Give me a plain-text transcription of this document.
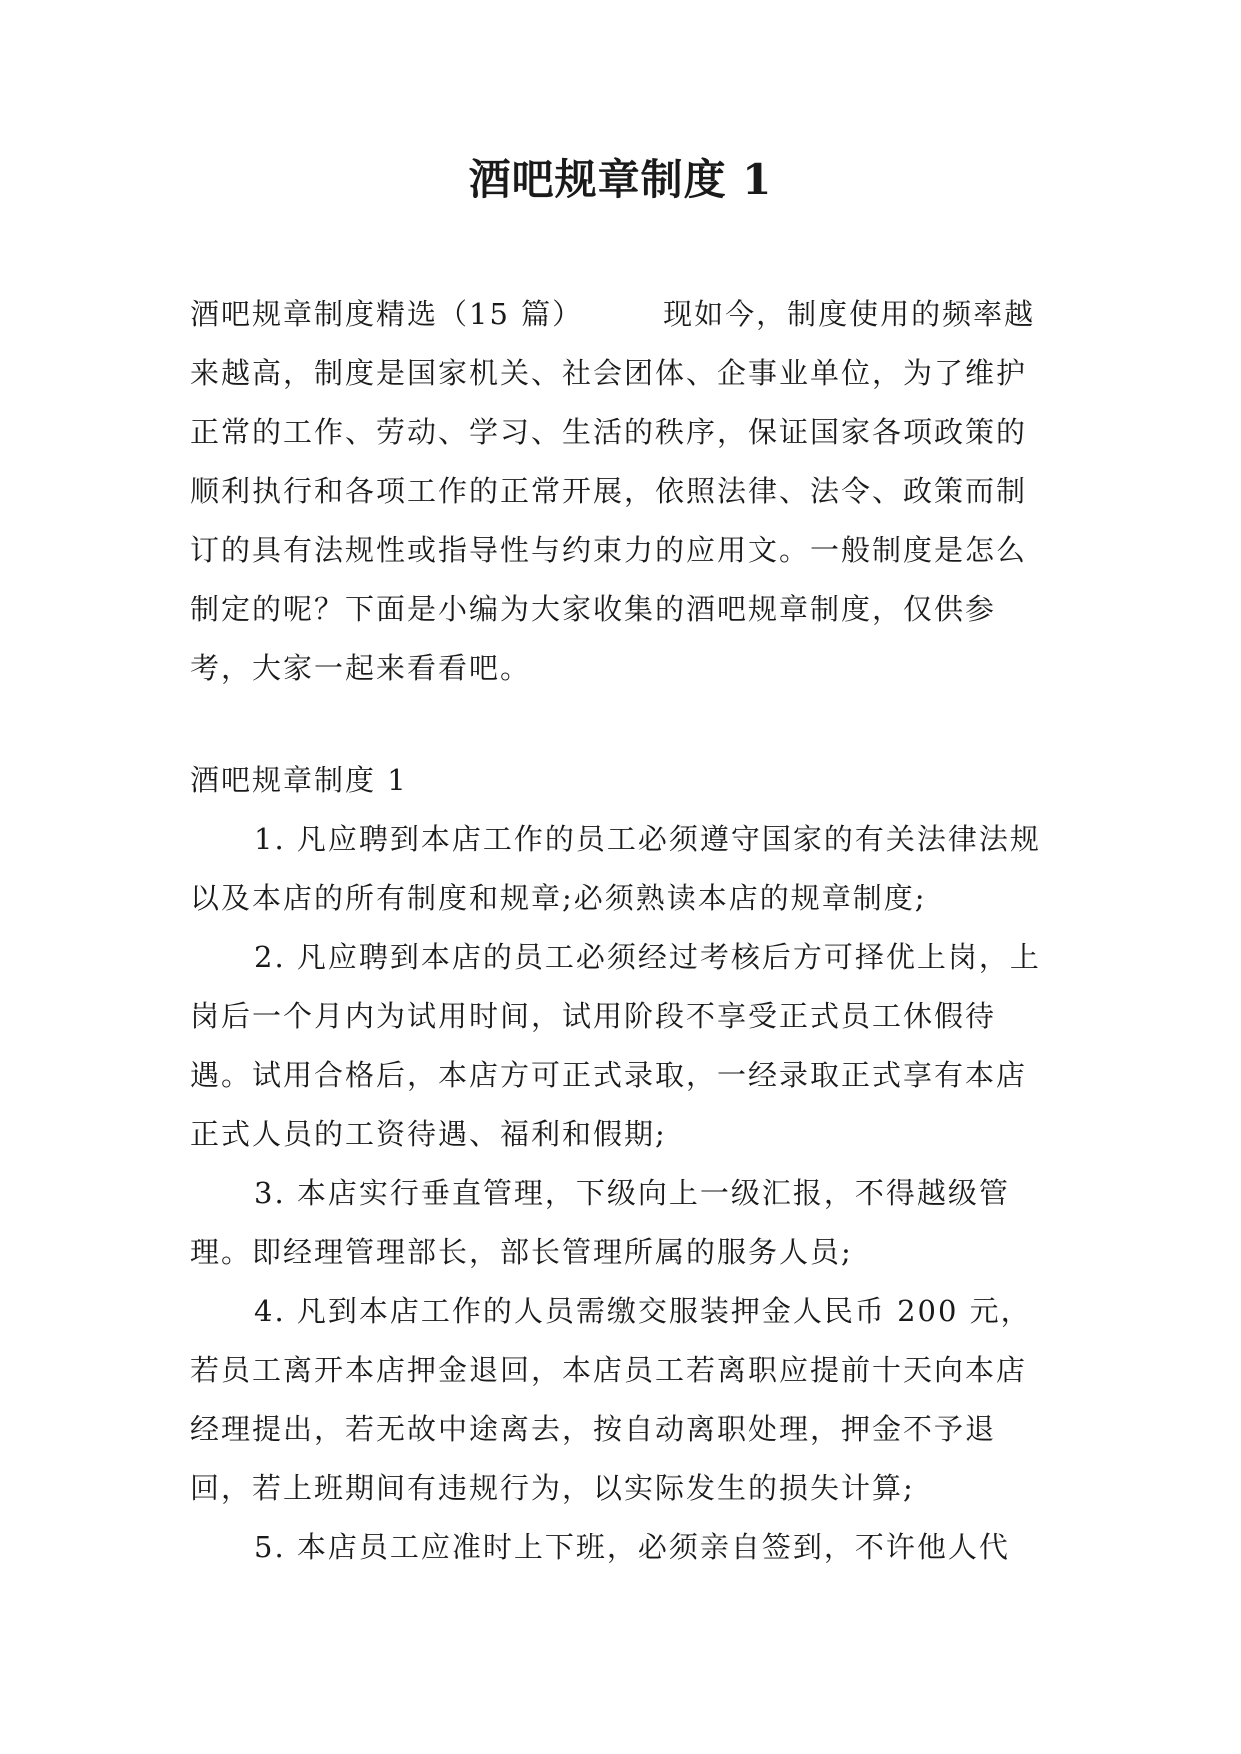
酒吧规章制度 1

酒吧规章制度精选（15 篇）	现如今，制度使用的频率越来越高，制度是国家机关、社会团体、企事业单位，为了维护正常的工作、劳动、学习、生活的秩序，保证国家各项政策的顺利执行和各项工作的正常开展，依照法律、法令、政策而制订的具有法规性或指导性与约束力的应用文。一般制度是怎么制定的呢？下面是小编为大家收集的酒吧规章制度，仅供参考，大家一起来看看吧。

酒吧规章制度 1

1. 凡应聘到本店工作的员工必须遵守国家的有关法律法规以及本店的所有制度和规章;必须熟读本店的规章制度;

2. 凡应聘到本店的员工必须经过考核后方可择优上岗，上岗后一个月内为试用时间，试用阶段不享受正式员工休假待遇。试用合格后，本店方可正式录取，一经录取正式享有本店正式人员的工资待遇、福利和假期;

3. 本店实行垂直管理，下级向上一级汇报，不得越级管理。即经理管理部长，部长管理所属的服务人员;

4. 凡到本店工作的人员需缴交服装押金人民币 200 元，若员工离开本店押金退回，本店员工若离职应提前十天向本店经理提出，若无故中途离去，按自动离职处理，押金不予退回，若上班期间有违规行为，以实际发生的损失计算;

5. 本店员工应准时上下班，必须亲自签到，不许他人代
